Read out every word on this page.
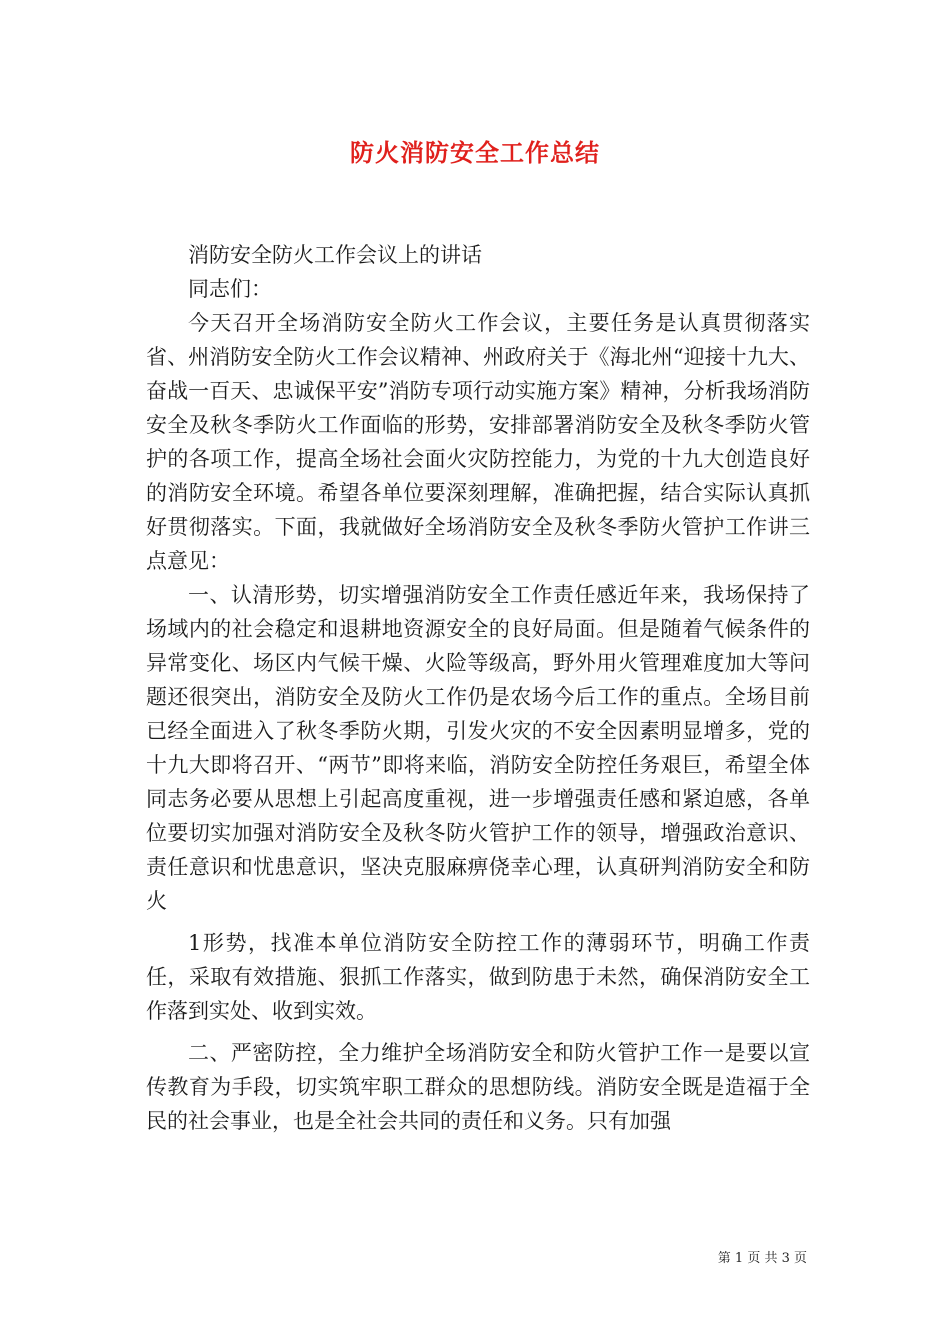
防火消防安全工作总结

消防安全防火工作会议上的讲话

同志们：

今天召开全场消防安全防火工作会议，主要任务是认真贯彻落实省、州消防安全防火工作会议精神、州政府关于《海北州“迎接十九大、奋战一百天、忠诚保平安”消防专项行动实施方案》精神，分析我场消防安全及秋冬季防火工作面临的形势，安排部署消防安全及秋冬季防火管护的各项工作，提高全场社会面火灾防控能力，为党的十九大创造良好的消防安全环境。希望各单位要深刻理解，准确把握，结合实际认真抓好贯彻落实。下面，我就做好全场消防安全及秋冬季防火管护工作讲三点意见：

一、认清形势，切实增强消防安全工作责任感近年来，我场保持了场域内的社会稳定和退耕地资源安全的良好局面。但是随着气候条件的异常变化、场区内气候干燥、火险等级高，野外用火管理难度加大等问题还很突出，消防安全及防火工作仍是农场今后工作的重点。全场目前已经全面进入了秋冬季防火期，引发火灾的不安全因素明显增多，党的十九大即将召开、“两节”即将来临，消防安全防控任务艰巨，希望全体同志务必要从思想上引起高度重视，进一步增强责任感和紧迫感，各单位要切实加强对消防安全及秋冬防火管护工作的领导，增强政治意识、责任意识和忧患意识，坚决克服麻痹侥幸心理，认真研判消防安全和防火

1形势，找准本单位消防安全防控工作的薄弱环节，明确工作责任，采取有效措施、狠抓工作落实，做到防患于未然，确保消防安全工作落到实处、收到实效。

二、严密防控，全力维护全场消防安全和防火管护工作一是要以宣传教育为手段，切实筑牢职工群众的思想防线。消防安全既是造福于全民的社会事业，也是全社会共同的责任和义务。只有加强

第 1 页 共 3 页
